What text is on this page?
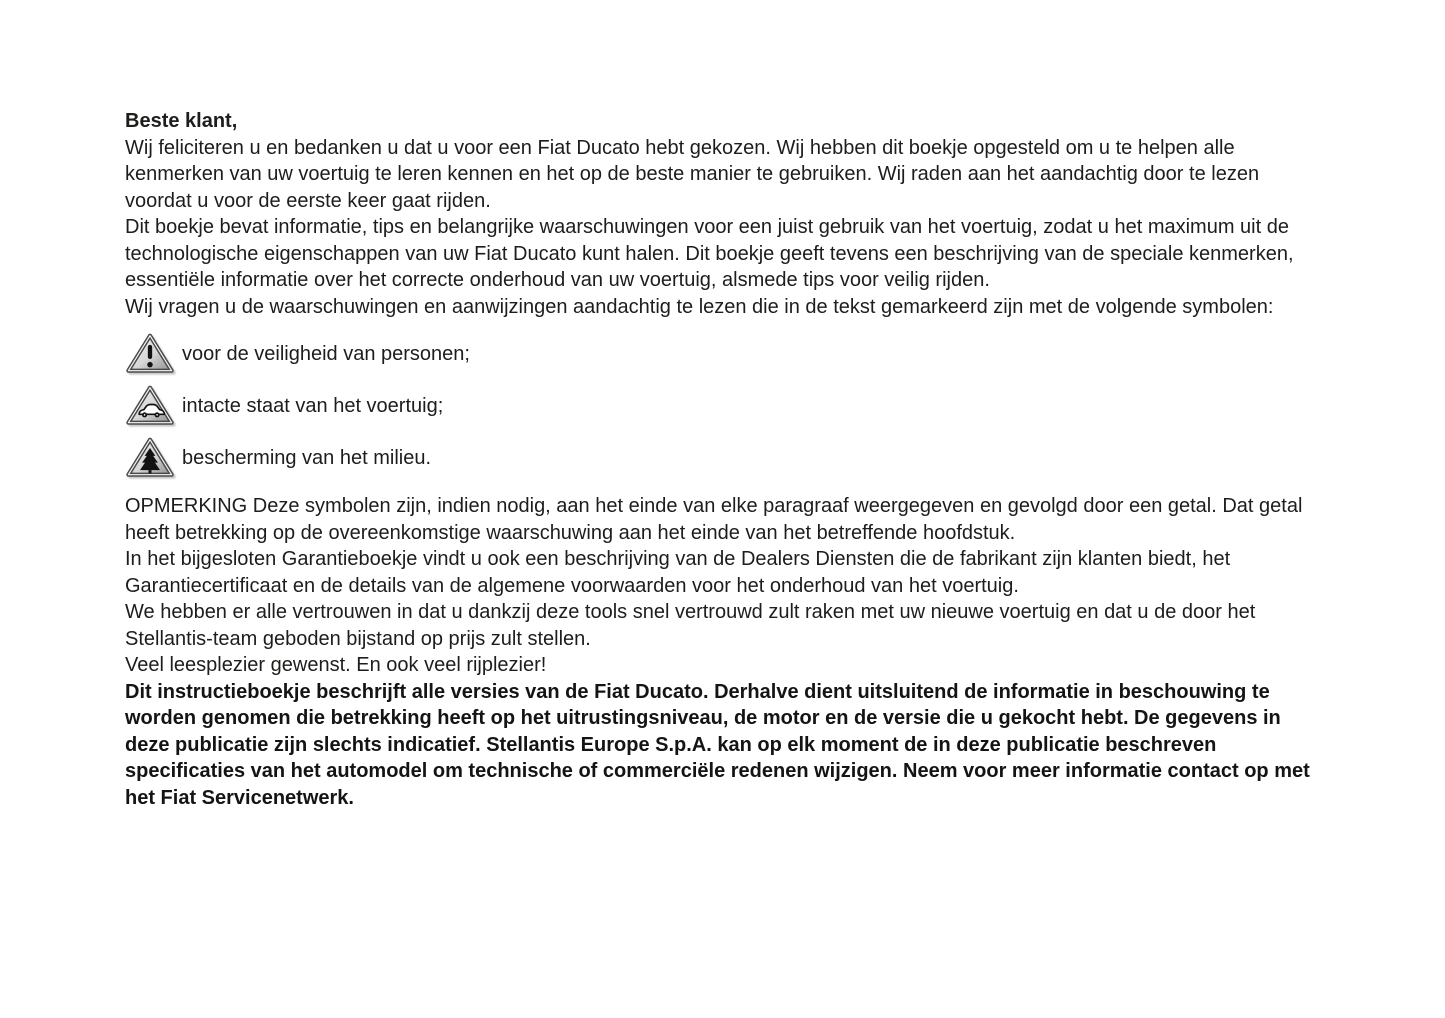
Beste klant,

Wij feliciteren u en bedanken u dat u voor een Fiat Ducato hebt gekozen. Wij hebben dit boekje opgesteld om u te helpen alle kenmerken van uw voertuig te leren kennen en het op de beste manier te gebruiken. Wij raden aan het aandachtig door te lezen voordat u voor de eerste keer gaat rijden.

Dit boekje bevat informatie, tips en belangrijke waarschuwingen voor een juist gebruik van het voertuig, zodat u het maximum uit de technologische eigenschappen van uw Fiat Ducato kunt halen. Dit boekje geeft tevens een beschrijving van de speciale kenmerken, essentiële informatie over het correcte onderhoud van uw voertuig, alsmede tips voor veilig rijden.

Wij vragen u de waarschuwingen en aanwijzingen aandachtig te lezen die in de tekst gemarkeerd zijn met de volgende symbolen:

voor de veiligheid van personen;
intacte staat van het voertuig;
bescherming van het milieu.

OPMERKING Deze symbolen zijn, indien nodig, aan het einde van elke paragraaf weergegeven en gevolgd door een getal. Dat getal heeft betrekking op de overeenkomstige waarschuwing aan het einde van het betreffende hoofdstuk.

In het bijgesloten Garantieboekje vindt u ook een beschrijving van de Dealers Diensten die de fabrikant zijn klanten biedt, het Garantiecertificaat en de details van de algemene voorwaarden voor het onderhoud van het voertuig.

We hebben er alle vertrouwen in dat u dankzij deze tools snel vertrouwd zult raken met uw nieuwe voertuig en dat u de door het Stellantis-team geboden bijstand op prijs zult stellen.

Veel leesplezier gewenst. En ook veel rijplezier!

Dit instructieboekje beschrijft alle versies van de Fiat Ducato. Derhalve dient uitsluitend de informatie in beschouwing te worden genomen die betrekking heeft op het uitrustingsniveau, de motor en de versie die u gekocht hebt. De gegevens in deze publicatie zijn slechts indicatief. Stellantis Europe S.p.A. kan op elk moment de in deze publicatie beschreven specificaties van het automodel om technische of commerciële redenen wijzigen. Neem voor meer informatie contact op met het Fiat Servicenetwerk.
